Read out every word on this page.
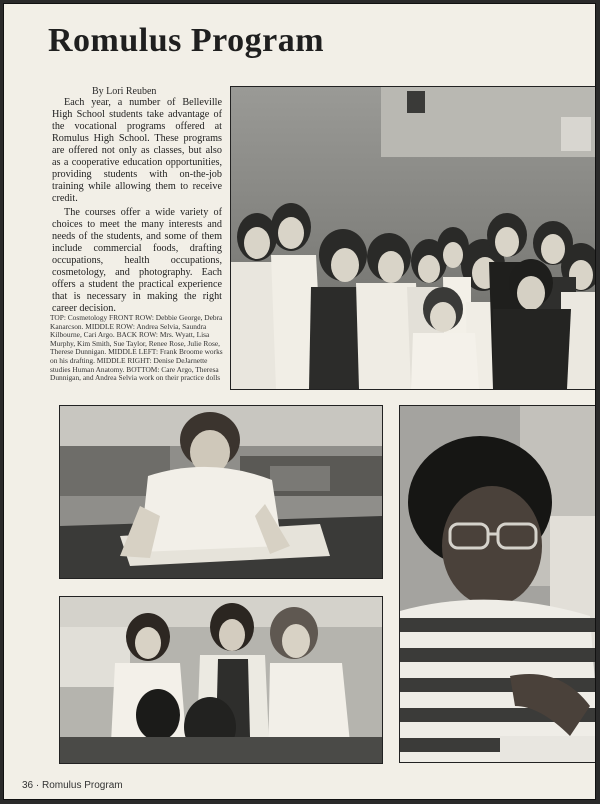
Romulus Program
By Lori Reuben

Each year, a number of Belleville High School students take advantage of the vocational programs offered at Romulus High School. These programs are offered not only as classes, but also as a cooperative education opportunities, providing students with on-the-job training while allowing them to receive credit.

The courses offer a wide variety of choices to meet the many interests and needs of the students, and some of them include commercial foods, drafting occupations, health occupations, cosmetology, and photography. Each offers a student the practical experience that is necessary in making the right career decision.

TOP: Cosmetology FRONT ROW: Debbie George, Debra Kanarcson. MIDDLE ROW: Andrea Selvia, Saundra Kilbourne, Cari Argo. BACK ROW: Mrs. Wyatt, Lisa Murphy, Kim Smith, Sue Taylor, Renee Rose, Julie Rose, Therese Dunnigan. MIDDLE LEFT: Frank Broome works on his drafting. MIDDLE RIGHT: Denise DeJarnette studies Human Anatomy. BOTTOM: Care Argo, Theresa Dunnigan, and Andrea Selvia work on their practice dolls
36 · Romulus Program
